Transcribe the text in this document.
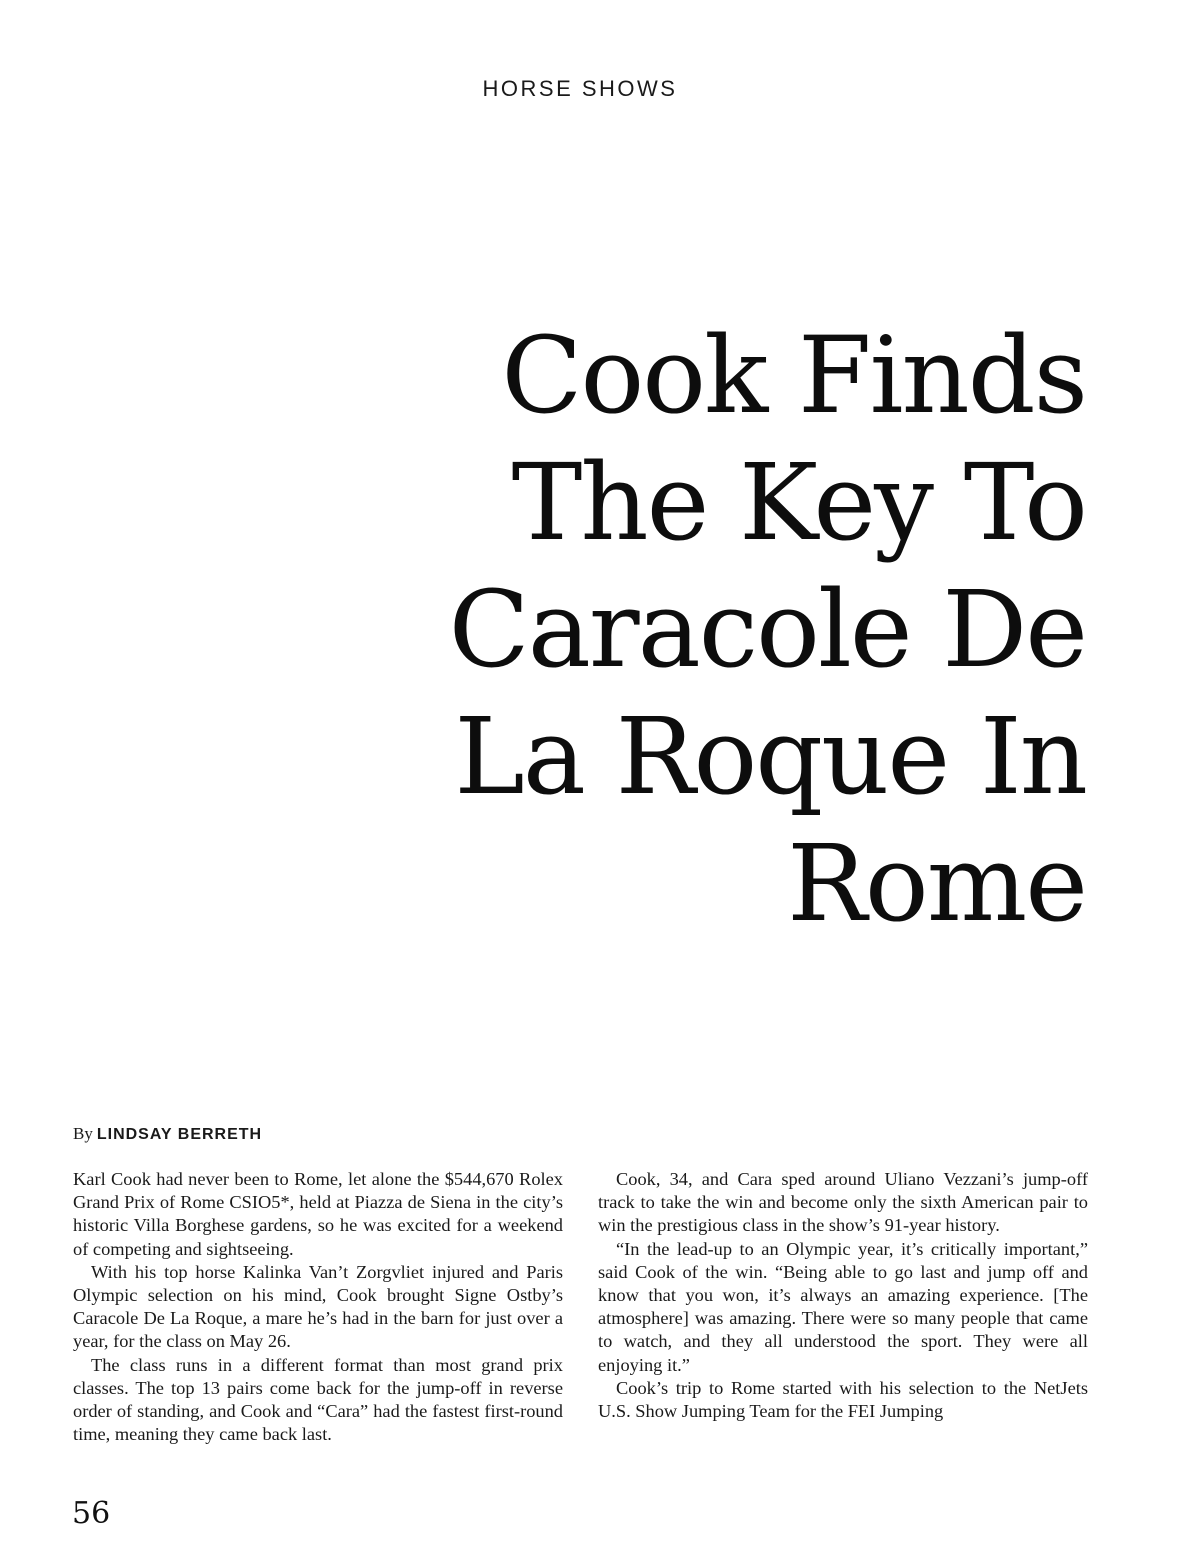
HORSE SHOWS
Cook Finds
The Key To
Caracole De
La Roque In
Rome
By LINDSAY BERRETH

Karl Cook had never been to Rome, let alone the $544,670 Rolex Grand Prix of Rome CSIO5*, held at Piazza de Siena in the city’s historic Villa Borghese gardens, so he was excited for a weekend of competing and sightseeing.

With his top horse Kalinka Van’t Zorgvliet injured and Paris Olympic selection on his mind, Cook brought Signe Ostby’s Caracole De La Roque, a mare he’s had in the barn for just over a year, for the class on May 26.

The class runs in a different format than most grand prix classes. The top 13 pairs come back for the jump-off in reverse order of standing, and Cook and “Cara” had the fastest first-round time, meaning they came back last.

Cook, 34, and Cara sped around Uliano Vezzani’s jump-off track to take the win and become only the sixth American pair to win the prestigious class in the show’s 91-year history.

“In the lead-up to an Olympic year, it’s critically important,” said Cook of the win. “Being able to go last and jump off and know that you won, it’s always an amazing experience. [The atmosphere] was amazing. There were so many people that came to watch, and they all understood the sport. They were all enjoying it.”

Cook’s trip to Rome started with his selection to the NetJets U.S. Show Jumping Team for the FEI Jumping

56
